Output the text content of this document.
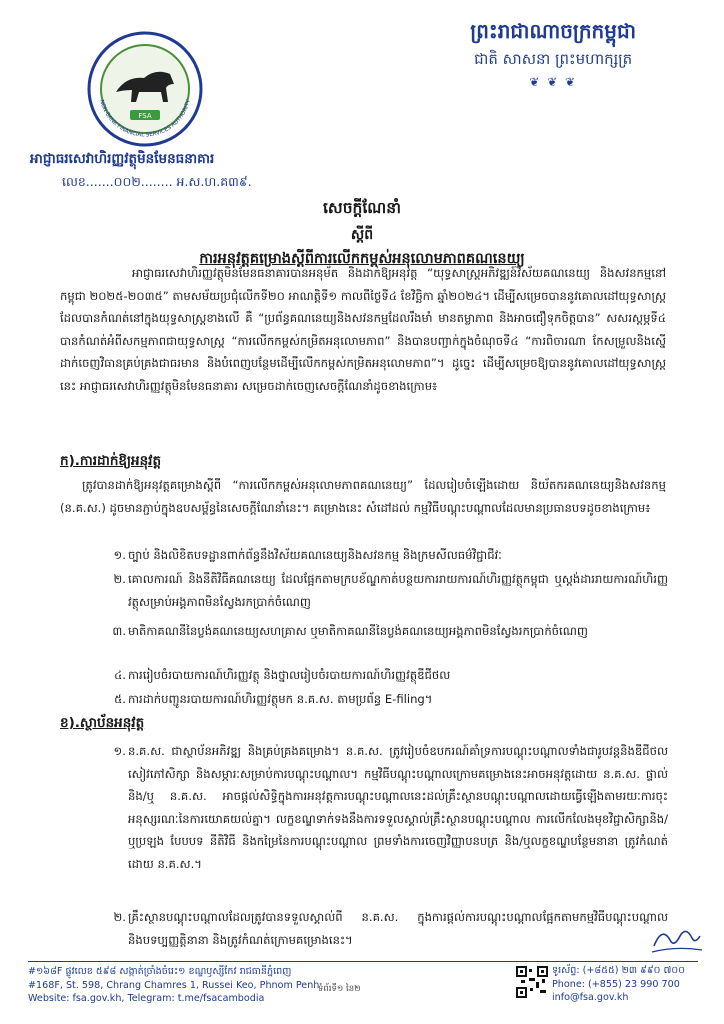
FSA
NON-BANK FINANCIAL SERVICES AUTHORITY
ព្រះរាជាណាចក្រកម្ពុជា
ជាតិ សាសនា ព្រះមហាក្សត្រ
❦ ❦ ❦
អាជ្ញាធរសេវាហិរញ្ញវត្ថុមិនមែនធនាគារ
លេខ.......០០២........ អ.ស.ហ.គ៣៩.
សេចក្តីណែនាំ
ស្តីពី
ការអនុវត្តគម្រោងស្តីពីការលើកកម្ពស់អនុលោមភាពគណនេយ្យ
អាជ្ញាធរសេវាហិរញ្ញវត្ថុមិនមែនធនាគារបានអនុម័ត និងដាក់ឱ្យអនុវត្ត “យុទ្ធសាស្ត្រអភិវឌ្ឍន៍វិស័យគណនេយ្យ និងសវនកម្មនៅកម្ពុជា ២០២៥-២០៣៥” តាមសម័យប្រជុំលើកទី២០ អាណត្តិទី១ កាលពីថ្ងៃទី៤ ខែវិច្ឆិកា ឆ្នាំ២០២៤។ ដើម្បីសម្រេចបាននូវគោលដៅយុទ្ធសាស្ត្រដែលបានកំណត់នៅក្នុងយុទ្ធសាស្ត្រខាងលើ គឺ “ប្រព័ន្ធគណនេយ្យនិងសវនកម្មដែលរឹងមាំ មានតម្លាភាព និងអាចជឿទុកចិត្តបាន” សសរស្តម្ភទី៤ បានកំណត់អំពីសកម្មភាពជាយុទ្ធសាស្ត្រ “ការលើកកម្ពស់កម្រិតអនុលោមភាព” និងបានបញ្ជាក់ក្នុងចំណុចទី៤ “ការពិចារណា កែសម្រួលនិងស្នើដាក់ចេញវិធានគ្រប់គ្រងជាធរមាន និងបំពេញបន្ថែមដើម្បីលើកកម្ពស់កម្រិតអនុលោមភាព”។ ដូច្នេះ ដើម្បីសម្រេចឱ្យបាននូវគោលដៅយុទ្ធសាស្ត្រនេះ អាជ្ញាធរសេវាហិរញ្ញវត្ថុមិនមែនធនាគារ សម្រេចដាក់ចេញសេចក្តីណែនាំដូចខាងក្រោម៖
ក).ការដាក់ឱ្យអនុវត្ត
ត្រូវបានដាក់ឱ្យអនុវត្តគម្រោងស្តីពី “ការលើកកម្ពស់អនុលោមភាពគណនេយ្យ” ដែលរៀបចំឡើងដោយ និយ័តករគណនេយ្យនិងសវនកម្ម (ន.គ.ស.) ដូចមានភ្ជាប់ក្នុងឧបសម្ព័ន្ធនៃសេចក្តីណែនាំនេះ។ គម្រោងនេះ សំដៅដល់ កម្មវិធីបណ្តុះបណ្តាលដែលមានប្រធានបទដូចខាងក្រោម៖
១. ច្បាប់ និងលិខិតបទដ្ឋានពាក់ព័ន្ធនឹងវិស័យគណនេយ្យនិងសវនកម្ម និងក្រមសីលធម៌វិជ្ជាជីវៈ
២. គោលការណ៍ និងនីតិវិធីគណនេយ្យ ដែលផ្អែកតាមក្របខ័ណ្ឌកាត់បន្ថយការរាយការណ៍ហិរញ្ញវត្ថុកម្ពុជា ឬស្តង់ដាររាយការណ៍ហិរញ្ញវត្ថុសម្រាប់អង្គភាពមិនស្វែងរកប្រាក់ចំណេញ
៣. មាតិកាគណនីនៃប្លង់គណនេយ្យសហគ្រាស ឬមាតិកាគណនីនៃប្លង់គណនេយ្យអង្គភាពមិនស្វែងរកប្រាក់ចំណេញ
៤. ការរៀបចំរបាយការណ៍ហិរញ្ញវត្ថុ និងថ្នាលរៀបចំរបាយការណ៍ហិរញ្ញវត្ថុឌីជីថល
៥. ការដាក់បញ្ជូនរបាយការណ៍ហិរញ្ញវត្ថុមក ន.គ.ស. តាមប្រព័ន្ធ E-filing។
ខ).ស្ថាប័នអនុវត្ត
១. ន.គ.ស. ជាស្ថាប័នអភិវឌ្ឍ និងគ្រប់គ្រងគម្រោង។ ន.គ.ស. ត្រូវរៀបចំឧបករណ៍គាំទ្រការបណ្តុះបណ្តាលទាំងជារូបវន្តនិងឌីជីថល សៀវភៅសិក្សា និងសម្ភារៈសម្រាប់ការបណ្តុះបណ្តាល។ កម្មវិធីបណ្តុះបណ្តាលក្រោមគម្រោងនេះអាចអនុវត្តដោយ ន.គ.ស. ផ្ទាល់ និង/ឬ ន.គ.ស. អាចផ្តល់សិទ្ធិក្នុងការអនុវត្តការបណ្តុះបណ្តាលនេះដល់គ្រឹះស្ថានបណ្តុះបណ្តាលដោយធ្វើឡើងតាមរយៈការចុះអនុស្សរណៈនៃការយោគយល់គ្នា។ លក្ខខណ្ឌទាក់ទងនឹងការទទួលស្គាល់គ្រឹះស្ថានបណ្តុះបណ្តាល ការលើកលែងមុខវិជ្ជាសិក្សានិង/ឬប្រឡង បែបបទ នីតិវិធី និងកម្រៃនៃការបណ្តុះបណ្តាល ព្រមទាំងការចេញវិញ្ញាបនបត្រ និង/ឬលក្ខខណ្ឌបន្ថែមនានា ត្រូវកំណត់ដោយ ន.គ.ស.។
២. គ្រឹះស្ថានបណ្តុះបណ្តាលដែលត្រូវបានទទួលស្គាល់ពី ន.គ.ស. ក្នុងការផ្តល់ការបណ្តុះបណ្តាលផ្អែកតាមកម្មវិធីបណ្តុះបណ្តាល និងបទប្បញ្ញត្តិនានា និងត្រូវកំណត់ក្រោមគម្រោងនេះ។
#១៦៨F ផ្លូវលេខ ៥៩៨ សង្កាត់ច្រាំងចំរេះ១ ខណ្ឌឫស្សីកែវ រាជធានីភ្នំពេញ
#168F, St. 598, Chrang Chamres 1, Russei Keo, Phnom Penh
Website: fsa.gov.kh, Telegram: t.me/fsacambodia
ទំព័រទី១ នៃ២
ទូរស័ព្ទ: (+៨៥៥) ២៣ ៩៩០ ៧០០
Phone: (+855) 23 990 700
info@fsa.gov.kh
